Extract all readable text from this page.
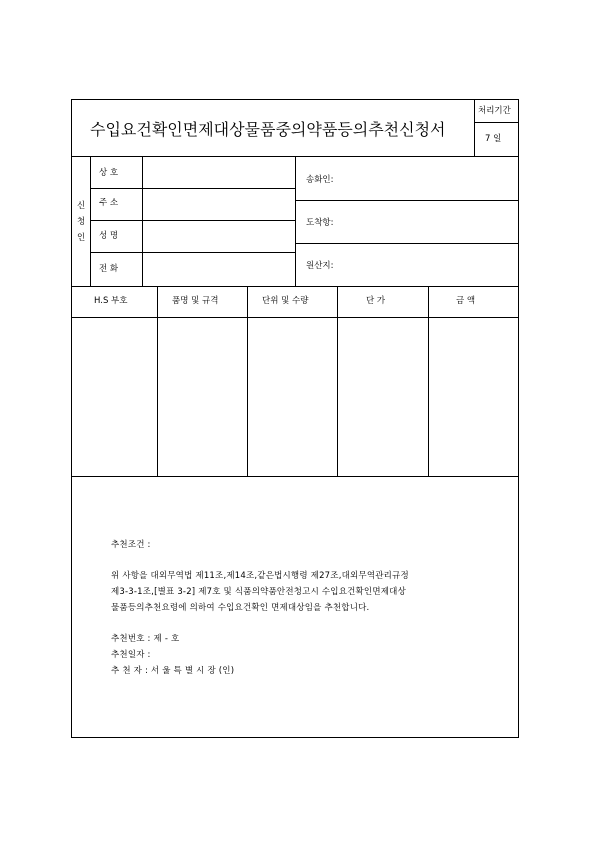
수입요건확인면제대상물품중의약품등의추천신청서
처리기간
7 일
신
청
인
상 호
주 소
성 명
전 화
송화인:
도착항:
원산지:
H.S 부호	품명 및 규격	단위 및 수량	단 가	금 액
추천조건 :
위 사항을 대외무역법 제11조,제14조,같은법시행령 제27조,대외무역관리규정
제3-3-1조,[별표 3-2] 제7호 및 식품의약품안전청고시 수입요건확인면제대상
물품등의추천요령에 의하여 수입요건확인 면제대상임을 추천합니다.
추천번호 : 제 - 호
추천일자 :
추 천 자 : 서 울 특 별 시 장 (인)
